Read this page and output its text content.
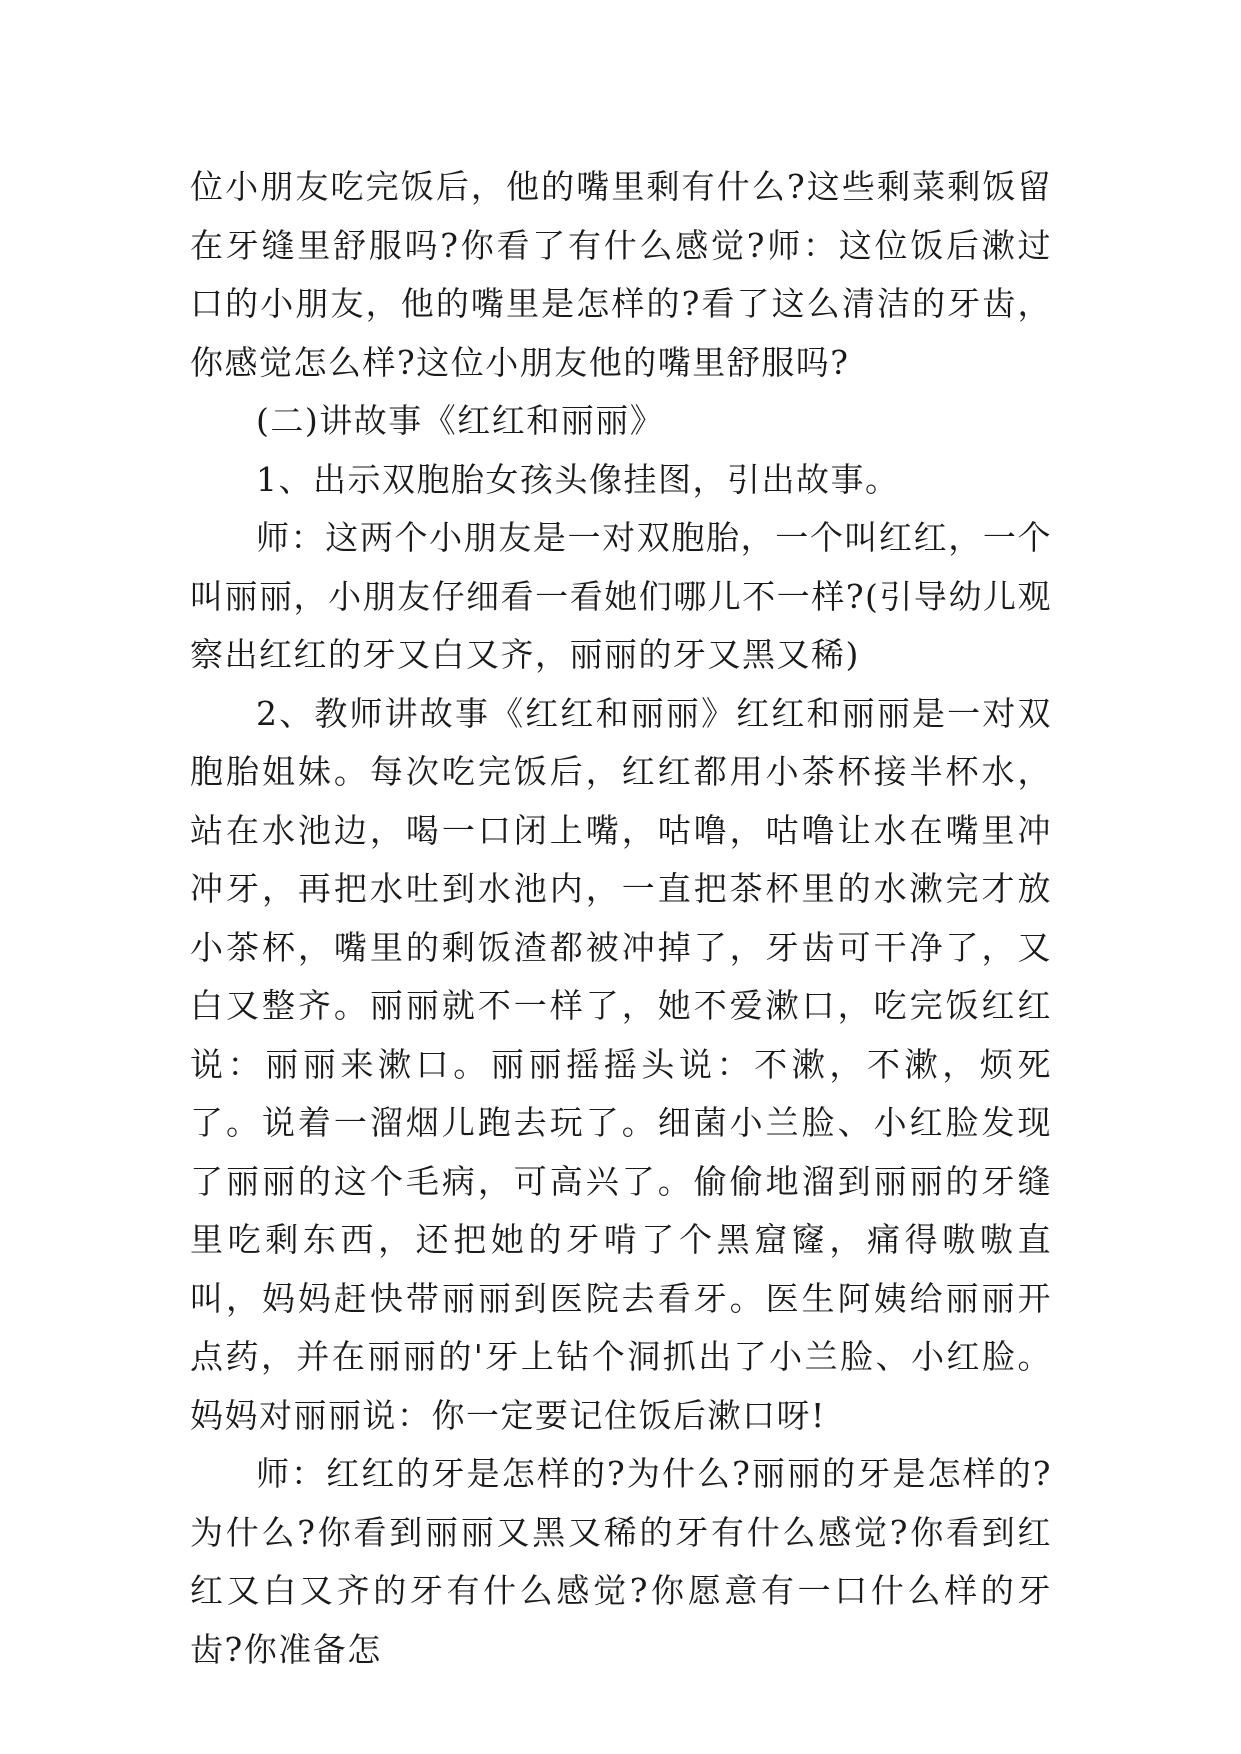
位小朋友吃完饭后，他的嘴里剩有什么?这些剩菜剩饭留在牙缝里舒服吗?你看了有什么感觉?师：这位饭后漱过口的小朋友，他的嘴里是怎样的?看了这么清洁的牙齿，你感觉怎么样?这位小朋友他的嘴里舒服吗?

(二)讲故事《红红和丽丽》

1、出示双胞胎女孩头像挂图，引出故事。

师：这两个小朋友是一对双胞胎，一个叫红红，一个叫丽丽，小朋友仔细看一看她们哪儿不一样?(引导幼儿观察出红红的牙又白又齐，丽丽的牙又黑又稀)

2、教师讲故事《红红和丽丽》红红和丽丽是一对双胞胎姐妹。每次吃完饭后，红红都用小茶杯接半杯水，站在水池边，喝一口闭上嘴，咕噜，咕噜让水在嘴里冲冲牙，再把水吐到水池内，一直把茶杯里的水漱完才放小茶杯，嘴里的剩饭渣都被冲掉了，牙齿可干净了，又白又整齐。丽丽就不一样了，她不爱漱口，吃完饭红红说：丽丽来漱口。丽丽摇摇头说：不漱，不漱，烦死了。说着一溜烟儿跑去玩了。细菌小兰脸、小红脸发现了丽丽的这个毛病，可高兴了。偷偷地溜到丽丽的牙缝里吃剩东西，还把她的牙啃了个黑窟窿，痛得嗷嗷直叫，妈妈赶快带丽丽到医院去看牙。医生阿姨给丽丽开点药，并在丽丽的'牙上钻个洞抓出了小兰脸、小红脸。妈妈对丽丽说：你一定要记住饭后漱口呀!

师：红红的牙是怎样的?为什么?丽丽的牙是怎样的?为什么?你看到丽丽又黑又稀的牙有什么感觉?你看到红红又白又齐的牙有什么感觉?你愿意有一口什么样的牙齿?你准备怎
